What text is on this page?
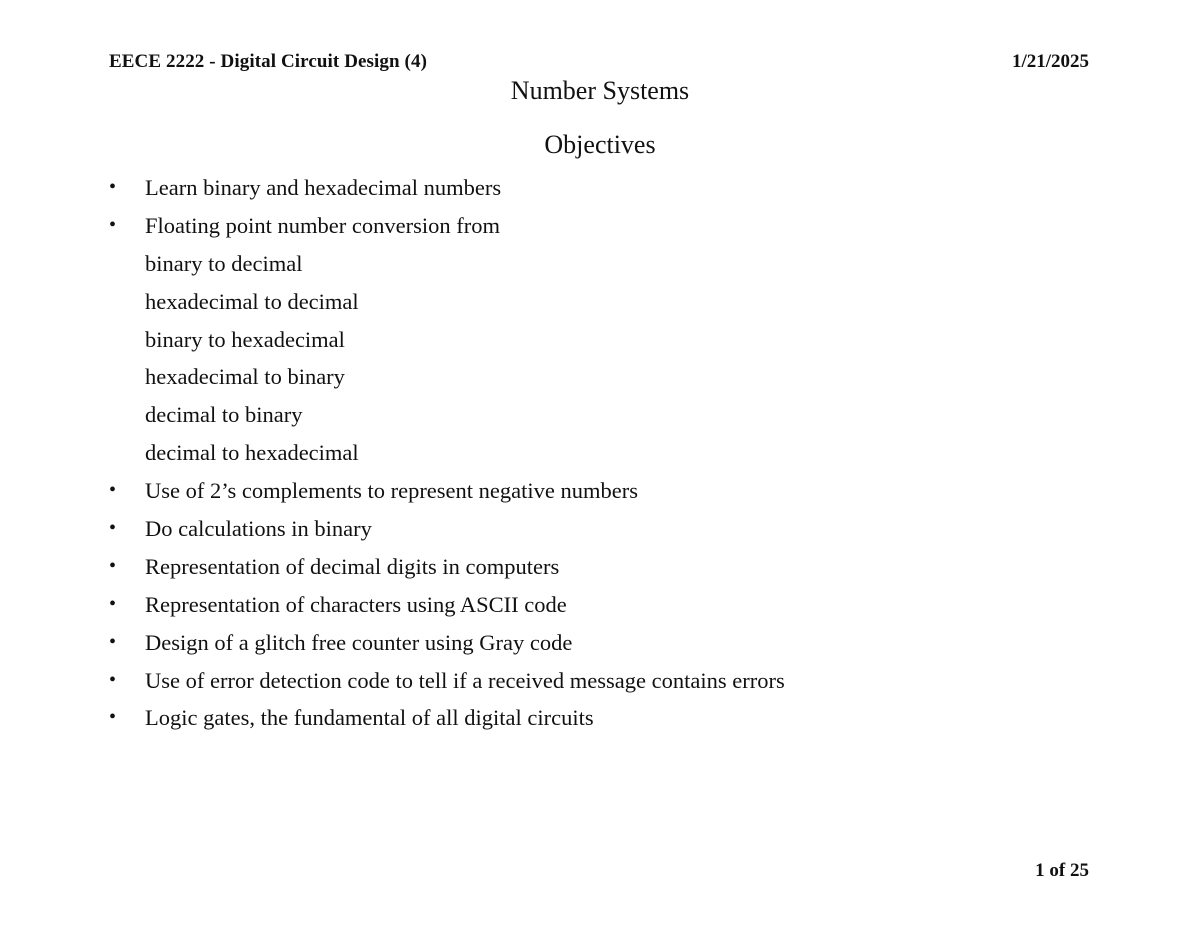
EECE 2222 - Digital Circuit Design (4)	1/21/2025
Number Systems
Objectives
• Learn binary and hexadecimal numbers
• Floating point number conversion from
binary to decimal
hexadecimal to decimal
binary to hexadecimal
hexadecimal to binary
decimal to binary
decimal to hexadecimal
• Use of 2’s complements to represent negative numbers
• Do calculations in binary
• Representation of decimal digits in computers
• Representation of characters using ASCII code
• Design of a glitch free counter using Gray code
• Use of error detection code to tell if a received message contains errors
• Logic gates, the fundamental of all digital circuits
1 of 25
